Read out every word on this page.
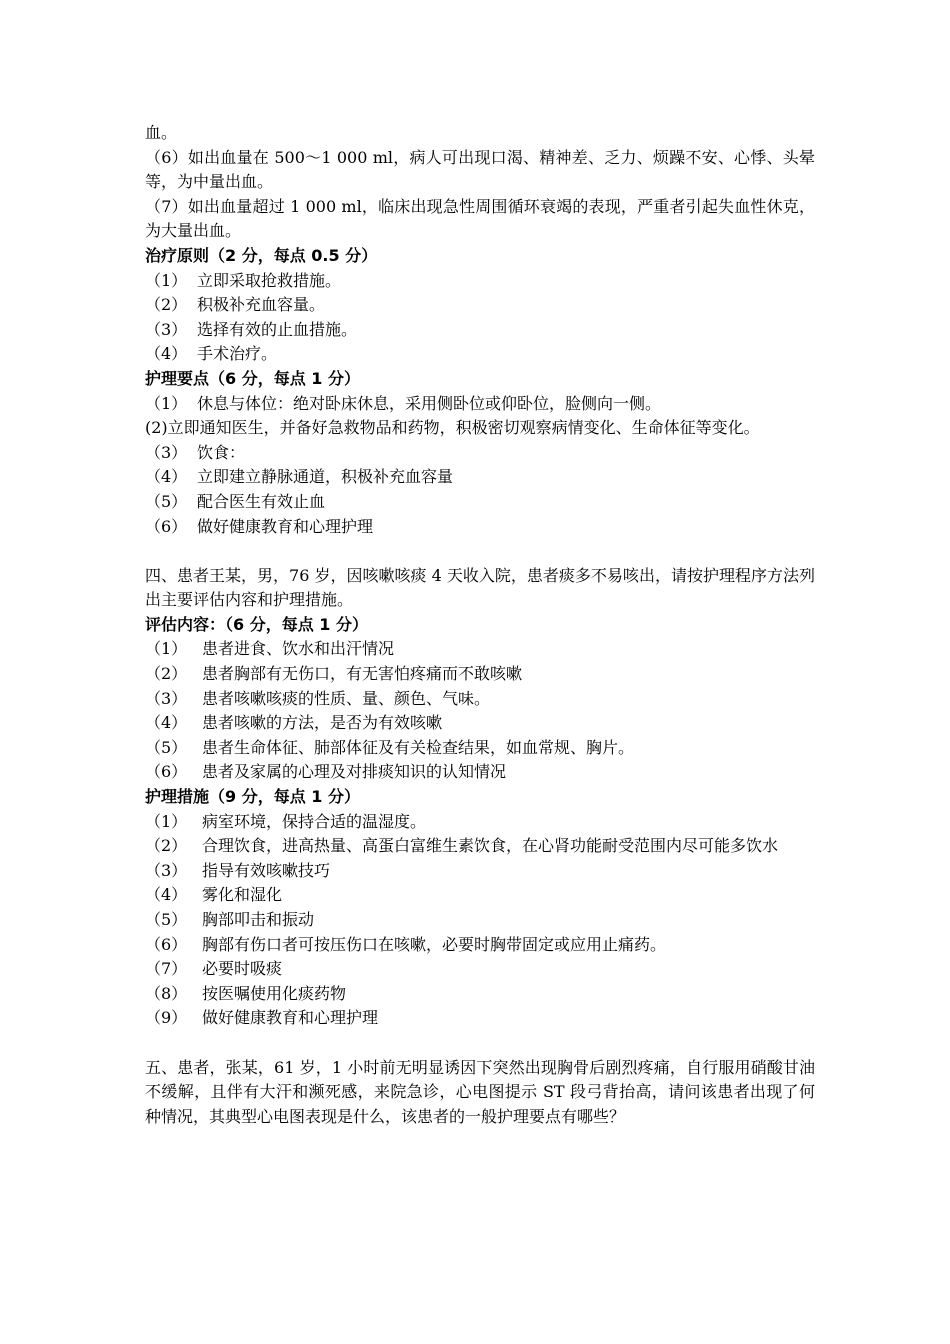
血。
（6）如出血量在 500～1 000 ml，病人可出现口渴、精神差、乏力、烦躁不安、心悸、头晕等，为中量出血。
（7）如出血量超过 1 000 ml，临床出现急性周围循环衰竭的表现，严重者引起失血性休克，为大量出血。
治疗原则（2 分，每点 0.5 分）
（1） 立即采取抢救措施。
（2） 积极补充血容量。
（3） 选择有效的止血措施。
（4） 手术治疗。
护理要点（6 分，每点 1 分）
（1） 休息与体位：绝对卧床休息，采用侧卧位或仰卧位，脸侧向一侧。
(2)立即通知医生，并备好急救物品和药物，积极密切观察病情变化、生命体征等变化。
（3） 饮食：
（4） 立即建立静脉通道，积极补充血容量
（5） 配合医生有效止血
（6） 做好健康教育和心理护理
四、患者王某，男，76 岁，因咳嗽咳痰 4 天收入院，患者痰多不易咳出，请按护理程序方法列出主要评估内容和护理措施。
评估内容：（6 分，每点 1 分）
（1） 患者进食、饮水和出汗情况
（2） 患者胸部有无伤口，有无害怕疼痛而不敢咳嗽
（3） 患者咳嗽咳痰的性质、量、颜色、气味。
（4） 患者咳嗽的方法，是否为有效咳嗽
（5） 患者生命体征、肺部体征及有关检查结果，如血常规、胸片。
（6） 患者及家属的心理及对排痰知识的认知情况
护理措施（9 分，每点 1 分）
（1） 病室环境，保持合适的温湿度。
（2） 合理饮食，进高热量、高蛋白富维生素饮食，在心肾功能耐受范围内尽可能多饮水
（3） 指导有效咳嗽技巧
（4） 雾化和湿化
（5） 胸部叩击和振动
（6） 胸部有伤口者可按压伤口在咳嗽，必要时胸带固定或应用止痛药。
（7） 必要时吸痰
（8） 按医嘱使用化痰药物
（9） 做好健康教育和心理护理
五、患者，张某，61 岁，1 小时前无明显诱因下突然出现胸骨后剧烈疼痛，自行服用硝酸甘油不缓解，且伴有大汗和濒死感，来院急诊，心电图提示 ST 段弓背抬高，请问该患者出现了何种情况，其典型心电图表现是什么，该患者的一般护理要点有哪些？
